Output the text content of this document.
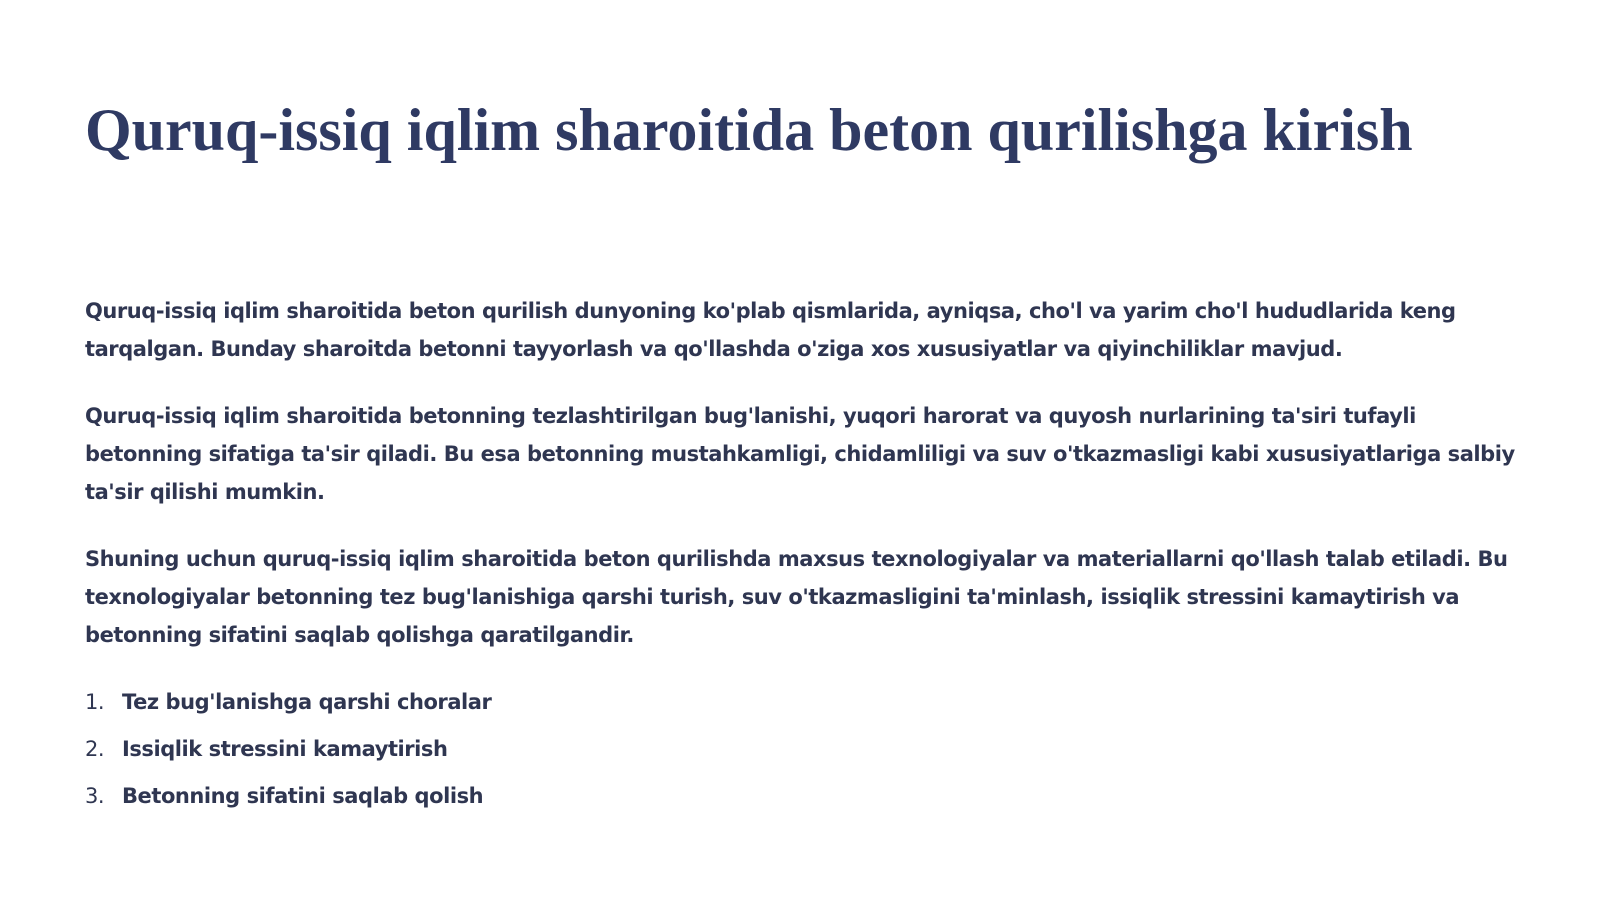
Quruq-issiq iqlim sharoitida beton qurilishga kirish

Quruq-issiq iqlim sharoitida beton qurilish dunyoning ko'plab qismlarida, ayniqsa, cho'l va yarim cho'l hududlarida keng tarqalgan. Bunday sharoitda betonni tayyorlash va qo'llashda o'ziga xos xususiyatlar va qiyinchiliklar mavjud.

Quruq-issiq iqlim sharoitida betonning tezlashtirilgan bug'lanishi, yuqori harorat va quyosh nurlarining ta'siri tufayli betonning sifatiga ta'sir qiladi. Bu esa betonning mustahkamligi, chidamliligi va suv o'tkazmasligi kabi xususiyatlariga salbiy ta'sir qilishi mumkin.

Shuning uchun quruq-issiq iqlim sharoitida beton qurilishda maxsus texnologiyalar va materiallarni qo'llash talab etiladi. Bu texnologiyalar betonning tez bug'lanishiga qarshi turish, suv o'tkazmasligini ta'minlash, issiqlik stressini kamaytirish va betonning sifatini saqlab qolishga qaratilgandir.

1. Tez bug'lanishga qarshi choralar
2. Issiqlik stressini kamaytirish
3. Betonning sifatini saqlab qolish
